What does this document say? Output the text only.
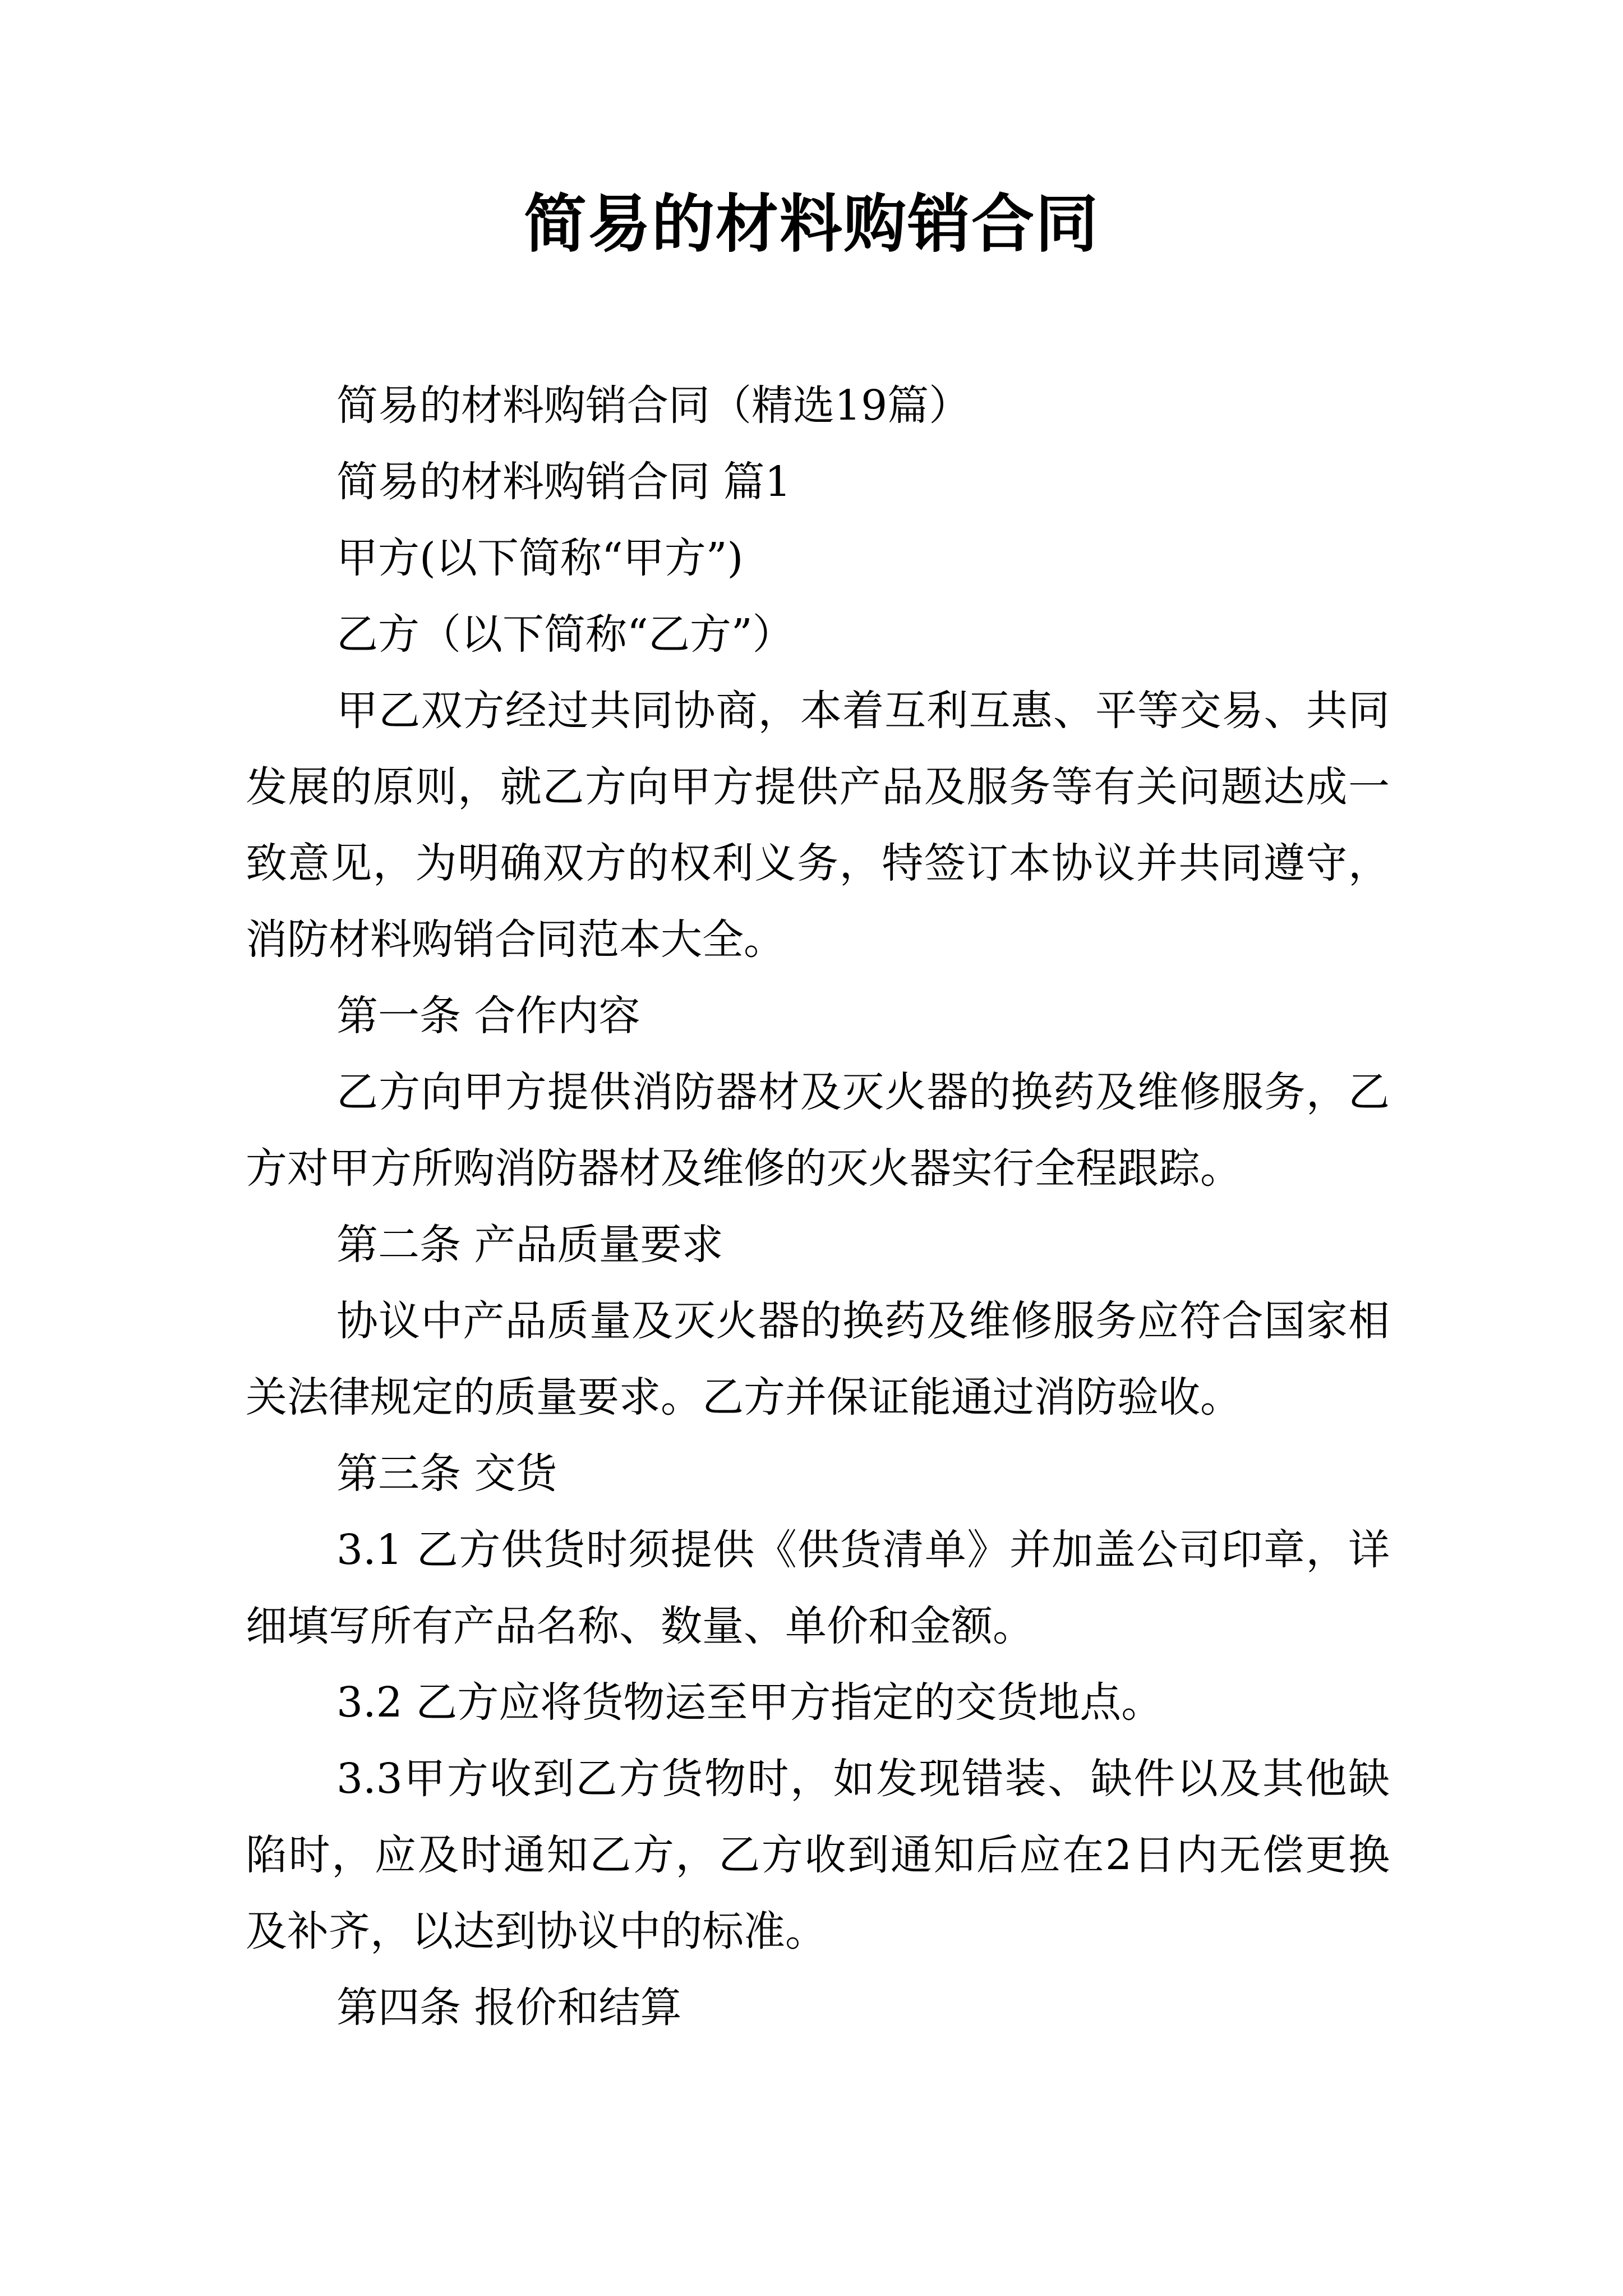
简易的材料购销合同

简易的材料购销合同（精选19篇）

简易的材料购销合同 篇1

甲方(以下简称“甲方”)

乙方（以下简称“乙方”）

甲乙双方经过共同协商，本着互利互惠、平等交易、共同发展的原则，就乙方向甲方提供产品及服务等有关问题达成一致意见，为明确双方的权利义务，特签订本协议并共同遵守，消防材料购销合同范本大全。

第一条 合作内容

乙方向甲方提供消防器材及灭火器的换药及维修服务，乙方对甲方所购消防器材及维修的灭火器实行全程跟踪。

第二条 产品质量要求

协议中产品质量及灭火器的换药及维修服务应符合国家相关法律规定的质量要求。乙方并保证能通过消防验收。

第三条 交货

3.1 乙方供货时须提供《供货清单》并加盖公司印章，详细填写所有产品名称、数量、单价和金额。

3.2 乙方应将货物运至甲方指定的交货地点。

3.3甲方收到乙方货物时，如发现错装、缺件以及其他缺陷时，应及时通知乙方，乙方收到通知后应在2日内无偿更换及补齐，以达到协议中的标准。

第四条 报价和结算
